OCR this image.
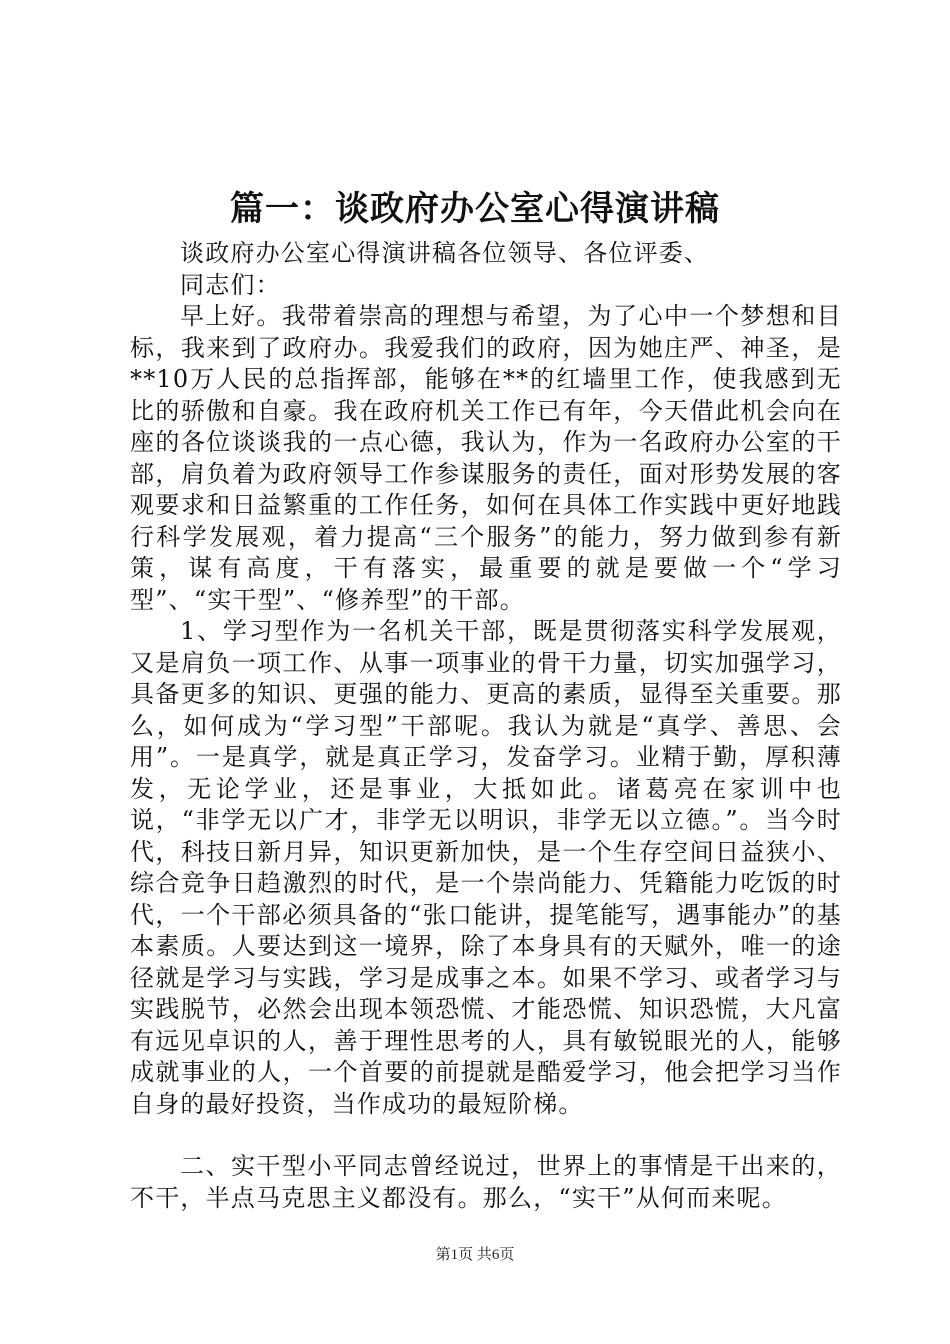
篇一：谈政府办公室心得演讲稿

谈政府办公室心得演讲稿各位领导、各位评委、

同志们：

早上好。我带着崇高的理想与希望，为了心中一个梦想和目标，我来到了政府办。我爱我们的政府，因为她庄严、神圣，是**10万人民的总指挥部，能够在**的红墙里工作，使我感到无比的骄傲和自豪。我在政府机关工作已有年，今天借此机会向在座的各位谈谈我的一点心德，我认为，作为一名政府办公室的干部，肩负着为政府领导工作参谋服务的责任，面对形势发展的客观要求和日益繁重的工作任务，如何在具体工作实践中更好地践行科学发展观，着力提高“三个服务”的能力，努力做到参有新策，谋有高度，干有落实，最重要的就是要做一个“学习型”、“实干型”、“修养型”的干部。

1、学习型作为一名机关干部，既是贯彻落实科学发展观，又是肩负一项工作、从事一项事业的骨干力量，切实加强学习，具备更多的知识、更强的能力、更高的素质，显得至关重要。那么，如何成为“学习型”干部呢。我认为就是“真学、善思、会用”。一是真学，就是真正学习，发奋学习。业精于勤，厚积薄发，无论学业，还是事业，大抵如此。诸葛亮在家训中也说，“非学无以广才，非学无以明识，非学无以立德。”。当今时代，科技日新月异，知识更新加快，是一个生存空间日益狭小、综合竞争日趋激烈的时代，是一个崇尚能力、凭籍能力吃饭的时代，一个干部必须具备的“张口能讲，提笔能写，遇事能办”的基本素质。人要达到这一境界，除了本身具有的天赋外，唯一的途径就是学习与实践，学习是成事之本。如果不学习、或者学习与实践脱节，必然会出现本领恐慌、才能恐慌、知识恐慌，大凡富有远见卓识的人，善于理性思考的人，具有敏锐眼光的人，能够成就事业的人，一个首要的前提就是酷爱学习，他会把学习当作自身的最好投资，当作成功的最短阶梯。

二、实干型小平同志曾经说过，世界上的事情是干出来的，不干，半点马克思主义都没有。那么，“实干”从何而来呢。

第1页 共6页
